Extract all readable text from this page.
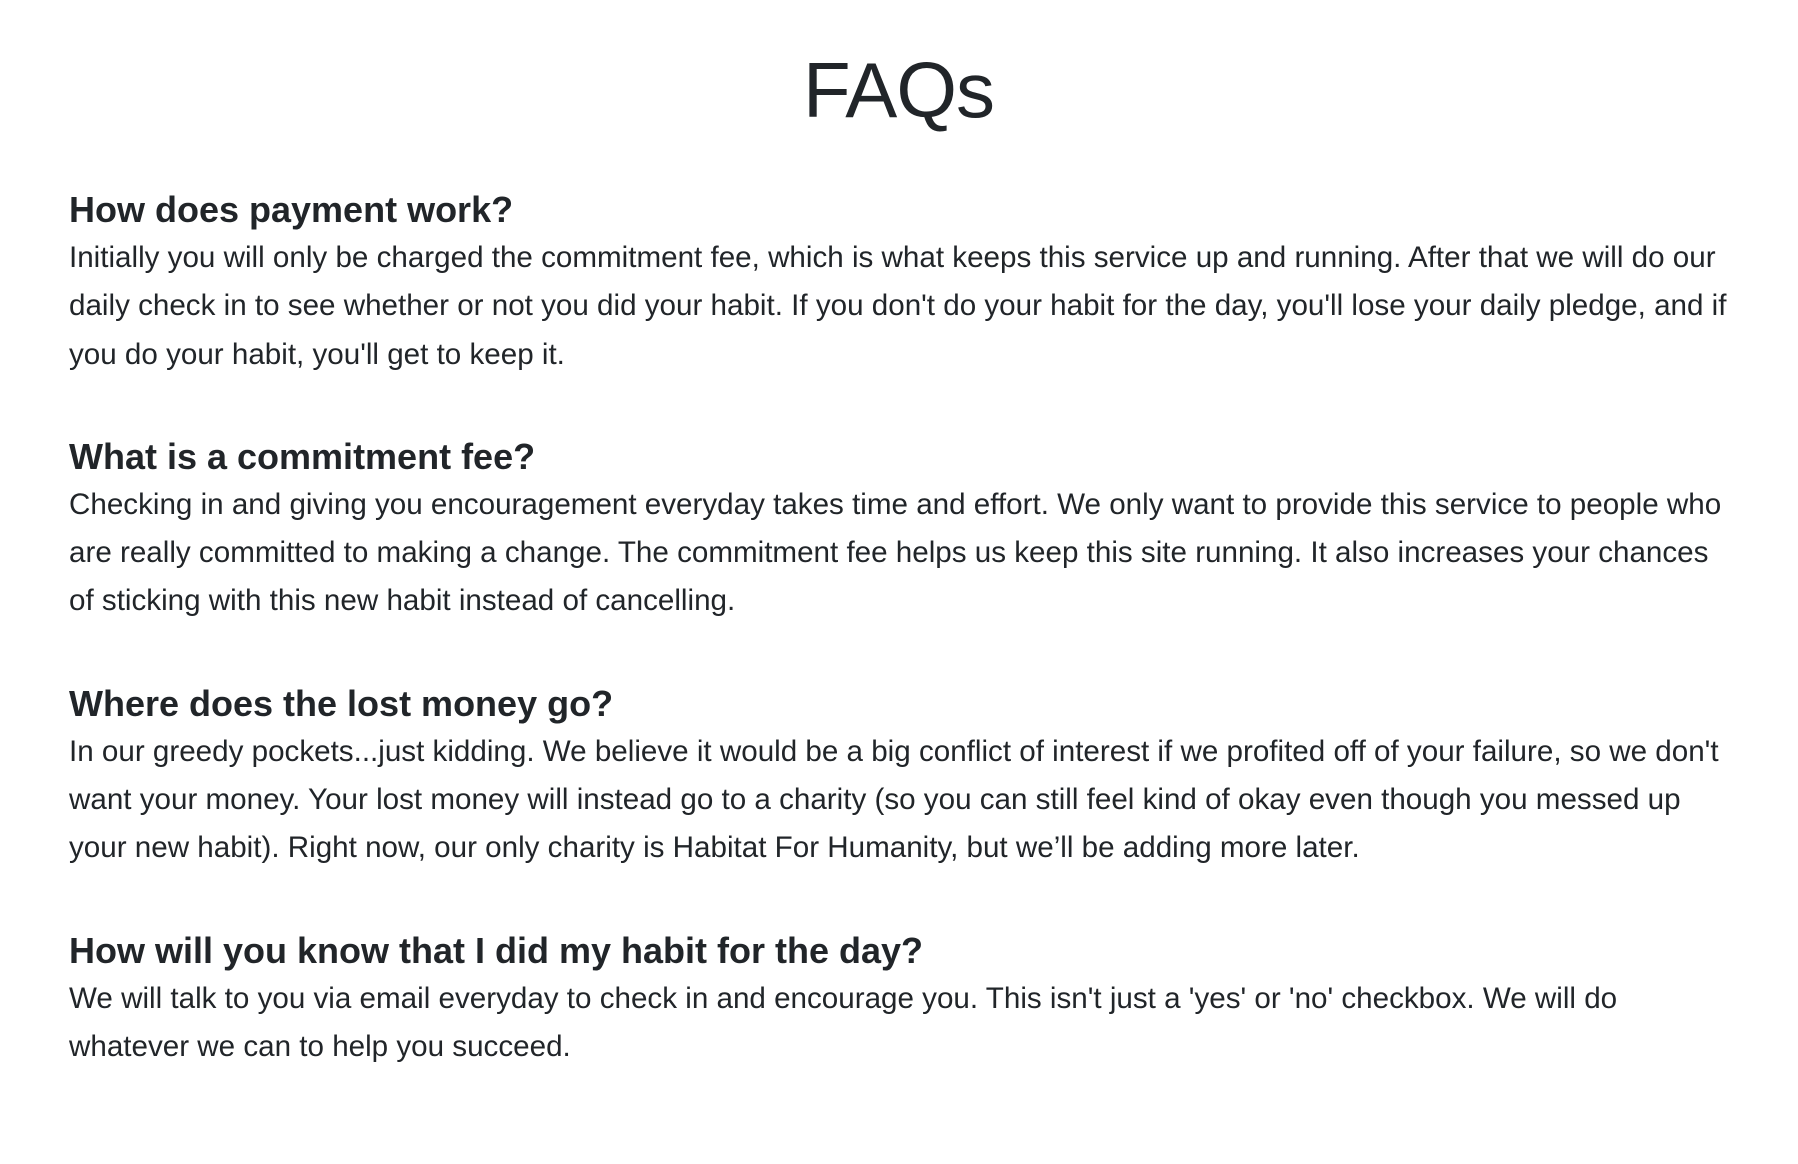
FAQs
How does payment work?

Initially you will only be charged the commitment fee, which is what keeps this service up and running. After that we will do our daily check in to see whether or not you did your habit. If you don't do your habit for the day, you'll lose your daily pledge, and if you do your habit, you'll get to keep it.

What is a commitment fee?

Checking in and giving you encouragement everyday takes time and effort. We only want to provide this service to people who are really committed to making a change. The commitment fee helps us keep this site running. It also increases your chances of sticking with this new habit instead of cancelling.

Where does the lost money go?

In our greedy pockets...just kidding. We believe it would be a big conflict of interest if we profited off of your failure, so we don't want your money. Your lost money will instead go to a charity (so you can still feel kind of okay even though you messed up your new habit). Right now, our only charity is Habitat For Humanity, but we’ll be adding more later.

How will you know that I did my habit for the day?

We will talk to you via email everyday to check in and encourage you. This isn't just a 'yes' or 'no' checkbox. We will do whatever we can to help you succeed.
